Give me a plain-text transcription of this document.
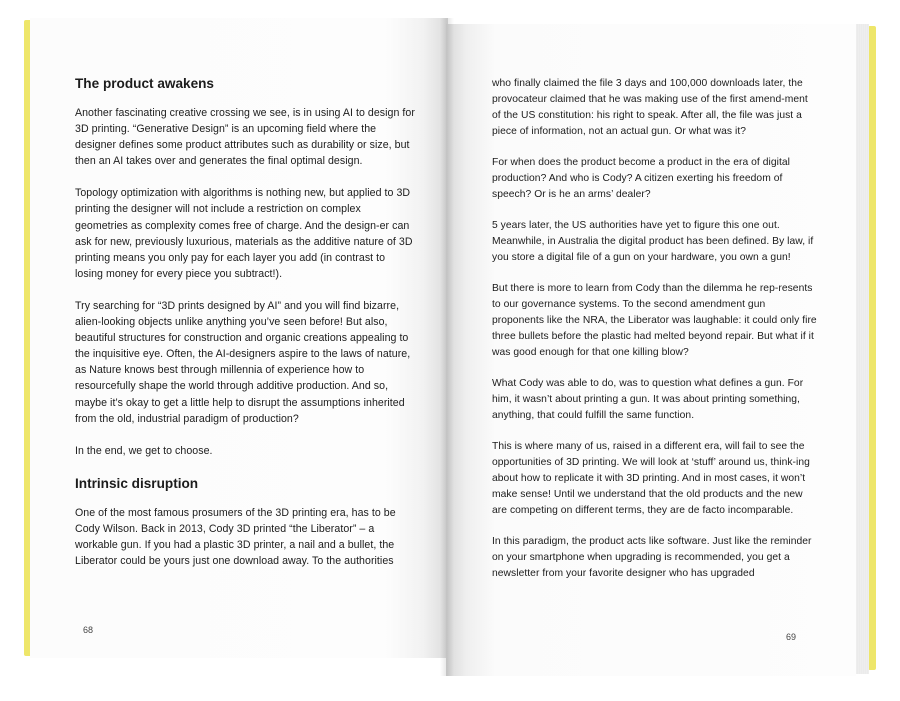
The product awakens

Another fascinating creative crossing we see, is in using AI to design for 3D printing. “Generative Design” is an upcoming field where the designer defines some product attributes such as durability or size, but then an AI takes over and generates the final optimal design.

Topology optimization with algorithms is nothing new, but applied to 3D printing the designer will not include a restriction on complex geometries as complexity comes free of charge. And the design-er can ask for new, previously luxurious, materials as the additive nature of 3D printing means you only pay for each layer you add (in contrast to losing money for every piece you subtract!).

Try searching for “3D prints designed by AI” and you will find bizarre, alien-looking objects unlike anything you’ve seen before! But also, beautiful structures for construction and organic creations appealing to the inquisitive eye. Often, the AI-designers aspire to the laws of nature, as Nature knows best through millennia of experience how to resourcefully shape the world through additive production. And so, maybe it’s okay to get a little help to disrupt the assumptions inherited from the old, industrial paradigm of production?

In the end, we get to choose.

Intrinsic disruption

One of the most famous prosumers of the 3D printing era, has to be Cody Wilson. Back in 2013, Cody 3D printed “the Liberator” – a workable gun. If you had a plastic 3D printer, a nail and a bullet, the Liberator could be yours just one download away. To the authorities

who finally claimed the file 3 days and 100,000 downloads later, the provocateur claimed that he was making use of the first amend-ment of the US constitution: his right to speak. After all, the file was just a piece of information, not an actual gun. Or what was it?

For when does the product become a product in the era of digital production? And who is Cody? A citizen exerting his freedom of speech? Or is he an arms’ dealer?

5 years later, the US authorities have yet to figure this one out. Meanwhile, in Australia the digital product has been defined. By law, if you store a digital file of a gun on your hardware, you own a gun!

But there is more to learn from Cody than the dilemma he rep-resents to our governance systems. To the second amendment gun proponents like the NRA, the Liberator was laughable: it could only fire three bullets before the plastic had melted beyond repair. But what if it was good enough for that one killing blow?

What Cody was able to do, was to question what defines a gun. For him, it wasn’t about printing a gun. It was about printing something, anything, that could fulfill the same function.

This is where many of us, raised in a different era, will fail to see the opportunities of 3D printing. We will look at ‘stuff’ around us, think-ing about how to replicate it with 3D printing. And in most cases, it won’t make sense! Until we understand that the old products and the new are competing on different terms, they are de facto incomparable.

In this paradigm, the product acts like software. Just like the reminder on your smartphone when upgrading is recommended, you get a newsletter from your favorite designer who has upgraded

68
69
